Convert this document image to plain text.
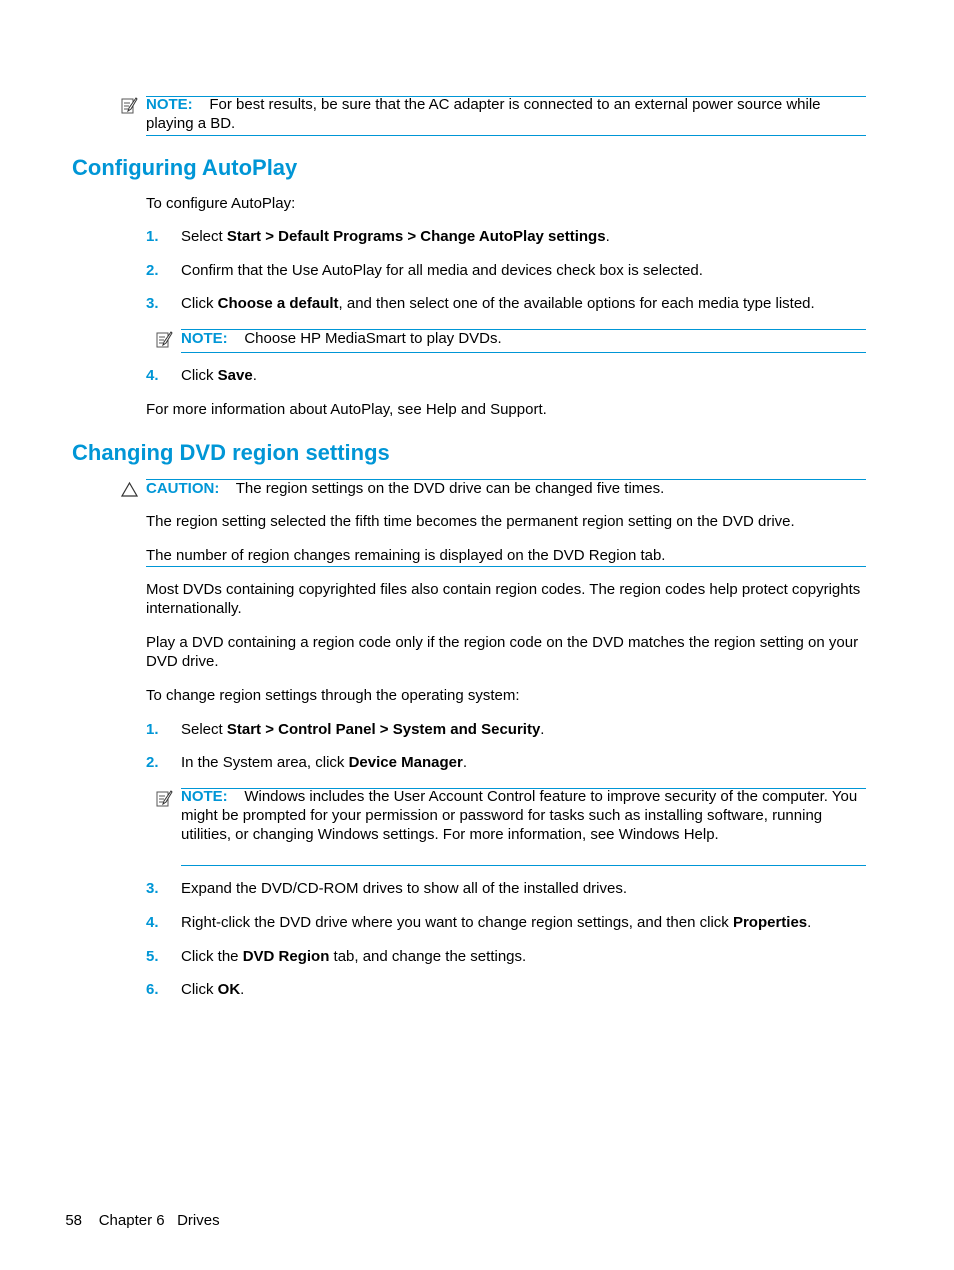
NOTE: For best results, be sure that the AC adapter is connected to an external power source while playing a BD.
Configuring AutoPlay
To configure AutoPlay:
1. Select Start > Default Programs > Change AutoPlay settings.
2. Confirm that the Use AutoPlay for all media and devices check box is selected.
3. Click Choose a default, and then select one of the available options for each media type listed.
NOTE: Choose HP MediaSmart to play DVDs.
4. Click Save.
For more information about AutoPlay, see Help and Support.
Changing DVD region settings
CAUTION: The region settings on the DVD drive can be changed five times.
The region setting selected the fifth time becomes the permanent region setting on the DVD drive.
The number of region changes remaining is displayed on the DVD Region tab.
Most DVDs containing copyrighted files also contain region codes. The region codes help protect copyrights internationally.
Play a DVD containing a region code only if the region code on the DVD matches the region setting on your DVD drive.
To change region settings through the operating system:
1. Select Start > Control Panel > System and Security.
2. In the System area, click Device Manager.
NOTE: Windows includes the User Account Control feature to improve security of the computer. You might be prompted for your permission or password for tasks such as installing software, running utilities, or changing Windows settings. For more information, see Windows Help.
3. Expand the DVD/CD-ROM drives to show all of the installed drives.
4. Right-click the DVD drive where you want to change region settings, and then click Properties.
5. Click the DVD Region tab, and change the settings.
6. Click OK.

58 Chapter 6   Drives
